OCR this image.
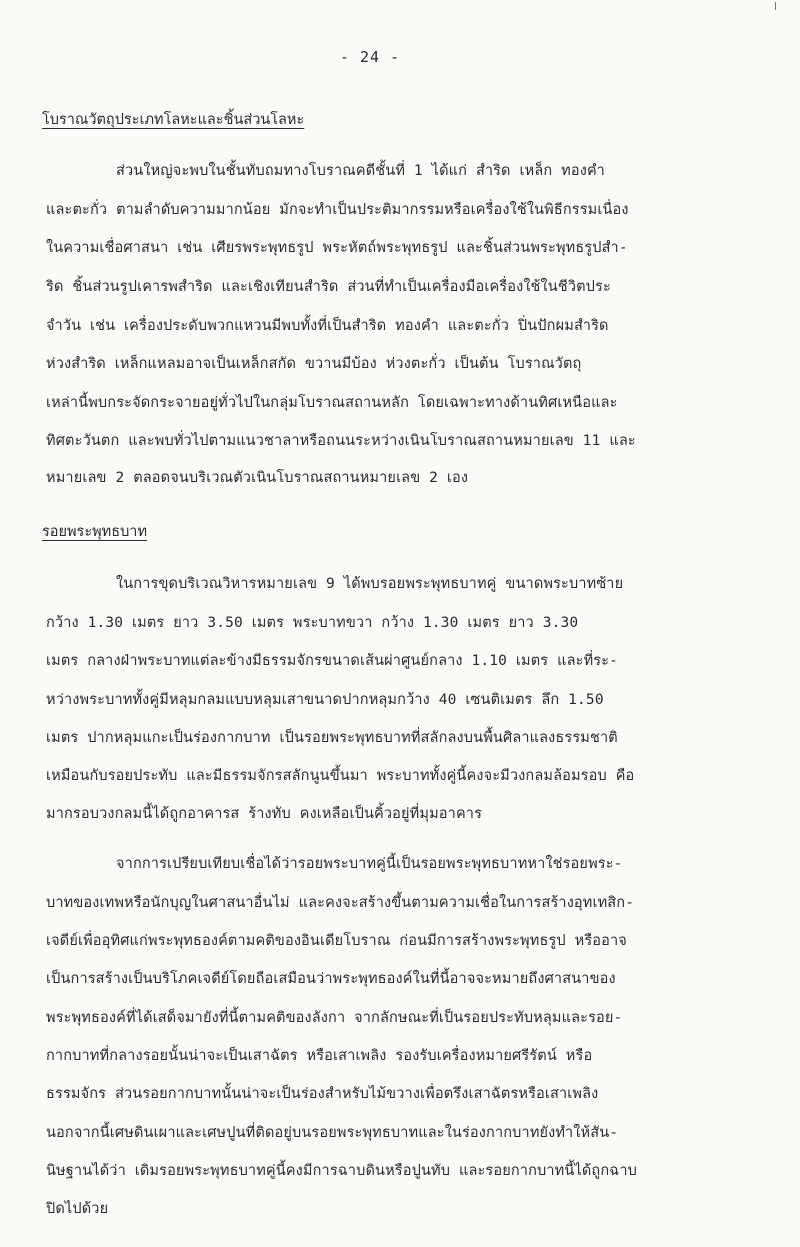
- 24 -
โบราณวัตถุประเภทโลหะและชิ้นส่วนโลหะ
ส่วนใหญ่จะพบในชั้นทับถมทางโบราณคดีชั้นที่ 1 ได้แก่ สำริด เหล็ก ทองคำ
และตะกั่ว ตามลำดับความมากน้อย มักจะทำเป็นประติมากรรมหรือเครื่องใช้ในพิธีกรรมเนื่อง
ในความเชื่อศาสนา เช่น เศียรพระพุทธรูป พระหัตถ์พระพุทธรูป และชิ้นส่วนพระพุทธรูปสำ-
ริด ชิ้นส่วนรูปเคารพสำริด และเชิงเทียนสำริด ส่วนที่ทำเป็นเครื่องมือเครื่องใช้ในชีวิตประ
จำวัน เช่น เครื่องประดับพวกแหวนมีพบทั้งที่เป็นสำริด ทองคำ และตะกั่ว ปิ่นปักผมสำริด
ห่วงสำริด เหล็กแหลมอาจเป็นเหล็กสกัด ขวานมีบ้อง ห่วงตะกั่ว เป็นต้น โบราณวัตถุ
เหล่านี้พบกระจัดกระจายอยู่ทั่วไปในกลุ่มโบราณสถานหลัก โดยเฉพาะทางด้านทิศเหนือและ
ทิศตะวันตก และพบทั่วไปตามแนวชาลาหรือถนนระหว่างเนินโบราณสถานหมายเลข 11 และ
หมายเลข 2 ตลอดจนบริเวณตัวเนินโบราณสถานหมายเลข 2 เอง
รอยพระพุทธบาท
ในการขุดบริเวณวิหารหมายเลข 9 ได้พบรอยพระพุทธบาทคู่ ขนาดพระบาทซ้าย
กว้าง 1.30 เมตร ยาว 3.50 เมตร พระบาทขวา กว้าง 1.30 เมตร ยาว 3.30
เมตร กลางฝ่าพระบาทแต่ละข้างมีธรรมจักรขนาดเส้นผ่าศูนย์กลาง 1.10 เมตร และที่ระ-
หว่างพระบาททั้งคู่มีหลุมกลมแบบหลุมเสาขนาดปากหลุมกว้าง 40 เซนติเมตร ลึก 1.50
เมตร ปากหลุมแกะเป็นร่องกากบาท เป็นรอยพระพุทธบาทที่สลักลงบนพื้นศิลาแลงธรรมชาติ
เหมือนกับรอยประทับ และมีธรรมจักรสลักนูนขึ้นมา พระบาททั้งคู่นี้คงจะมีวงกลมล้อมรอบ คือ
มากรอบวงกลมนี้ได้ถูกอาคารส ร้างทับ คงเหลือเป็นคิ้วอยู่ที่มุมอาคาร
จากการเปรียบเทียบเชื่อได้ว่ารอยพระบาทคู่นี้เป็นรอยพระพุทธบาทหาใช่รอยพระ-
บาทของเทพหรือนักบุญในศาสนาอื่นไม่ และคงจะสร้างขึ้นตามความเชื่อในการสร้างอุทเทสิก-
เจดีย์เพื่ออุทิศแก่พระพุทธองค์ตามคติของอินเดียโบราณ ก่อนมีการสร้างพระพุทธรูป หรืออาจ
เป็นการสร้างเป็นบริโภคเจดีย์โดยถือเสมือนว่าพระพุทธองค์ในที่นี้อาจจะหมายถึงศาสนาของ
พระพุทธองค์ที่ได้เสด็จมายังที่นี้ตามคติของลังกา จากลักษณะที่เป็นรอยประทับหลุมและรอย-
กากบาทที่กลางรอยนั้นน่าจะเป็นเสาฉัตร หรือเสาเพลิง รองรับเครื่องหมายศรีรัตน์ หรือ
ธรรมจักร ส่วนรอยกากบาทนั้นน่าจะเป็นร่องสำหรับไม้ขวางเพื่อตรึงเสาฉัตรหรือเสาเพลิง
นอกจากนี้เศษดินเผาและเศษปูนที่ติดอยู่บนรอยพระพุทธบาทและในร่องกากบาทยังทำให้สัน-
นิษฐานได้ว่า เดิมรอยพระพุทธบาทคู่นี้คงมีการฉาบดินหรือปูนทับ และรอยกากบาทนี้ได้ถูกฉาบ
ปิดไปด้วย
